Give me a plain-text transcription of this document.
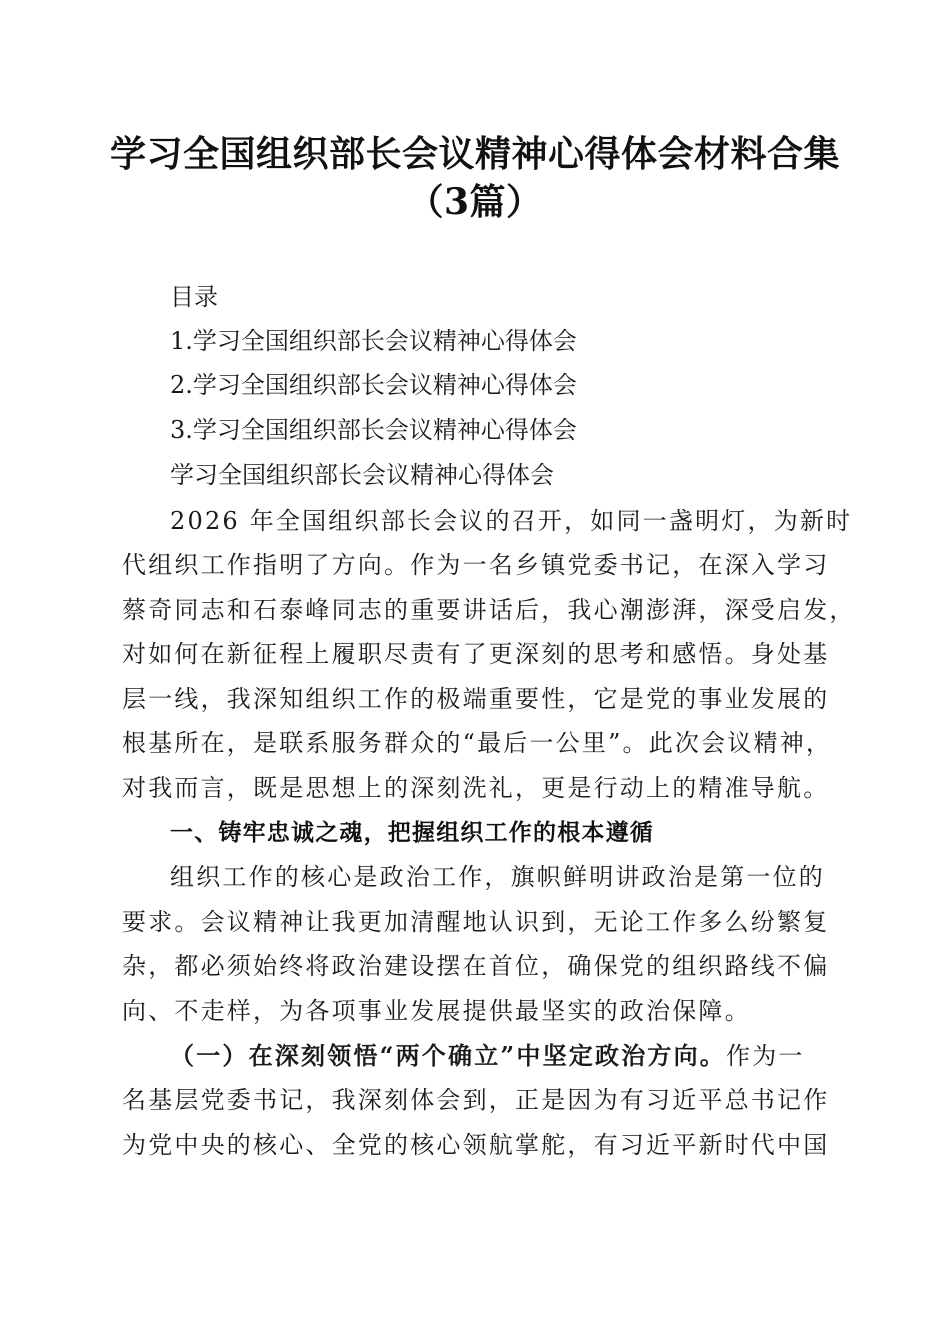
学习全国组织部长会议精神心得体会材料合集
（3篇）
目录
1.学习全国组织部长会议精神心得体会
2.学习全国组织部长会议精神心得体会
3.学习全国组织部长会议精神心得体会
学习全国组织部长会议精神心得体会
2026 年全国组织部长会议的召开，如同一盏明灯，为新时
代组织工作指明了方向。作为一名乡镇党委书记，在深入学习
蔡奇同志和石泰峰同志的重要讲话后，我心潮澎湃，深受启发，
对如何在新征程上履职尽责有了更深刻的思考和感悟。身处基
层一线，我深知组织工作的极端重要性，它是党的事业发展的
根基所在，是联系服务群众的“最后一公里”。此次会议精神，
对我而言，既是思想上的深刻洗礼，更是行动上的精准导航。
一、铸牢忠诚之魂，把握组织工作的根本遵循
组织工作的核心是政治工作，旗帜鲜明讲政治是第一位的
要求。会议精神让我更加清醒地认识到，无论工作多么纷繁复
杂，都必须始终将政治建设摆在首位，确保党的组织路线不偏
向、不走样，为各项事业发展提供最坚实的政治保障。
（一）在深刻领悟“两个确立”中坚定政治方向。作为一
名基层党委书记，我深刻体会到，正是因为有习近平总书记作
为党中央的核心、全党的核心领航掌舵，有习近平新时代中国
